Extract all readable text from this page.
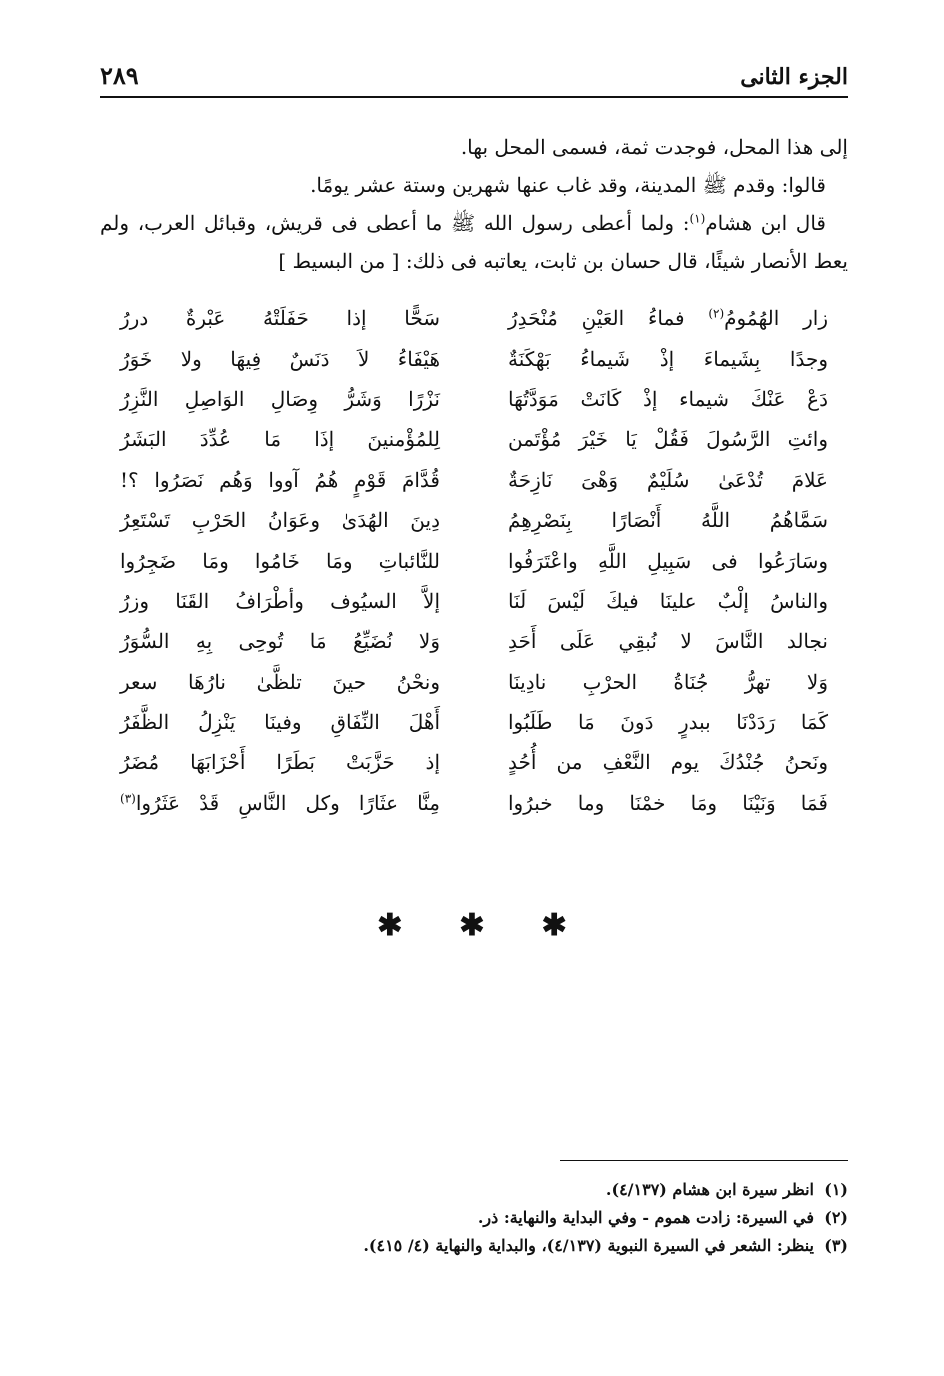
الجزء الثانى
٢٨٩

إلى هذا المحل، فوجدت ثمة، فسمى المحل بها.

قالوا: وقدم ﷺ المدينة، وقد غاب عنها شهرين وستة عشر يومًا.

قال ابن هشام$^{(١)}$: ولما أعطى رسول الله ﷺ ما أعطى فى قريش، وقبائل العرب، ولم يعط الأنصار شيئًا، قال حسان بن ثابت، يعاتبه فى ذلك: [ من البسيط ]

زار الهُمُومُ$^{(٢)}$ فماءُ العَيْنِ مُنْحَدِرُ
سَحًّا إذا حَفَلَتْهُ عَبْرةٌ دررُ
وجدًا بِشَيماءَ إذْ شَيماءُ بَهْكَنَةٌ
هَيْفَاءُ لاَ دَنَسٌ فِيهَا ولا خَوَرُ
دَعْ عَنْكَ شيماء إذْ كَانَتْ مَوَدَّتُهَا
نَزْرًا وَشَرُّ وِصَالِ الوَاصِلِ النَّزِرُ
وائتِ الرَّسُولَ فَقُلْ يَا خَيْرَ مُؤْتَمن
لِلمُؤْمنينَ إذَا مَا عُدِّدَ البَشَرُ
عَلامَ تُدْعَىٰ سُلَيْمٌ وَهْىَ نَازِحَةٌ
قُدَّامَ قَوْمٍ هُمُ آووا وَهُم نَصَرُوا ؟!
سَمَّاهُمُ اللَّهُ أَنْصَارًا بِنَصْرِهِمُ
دِينَ الهُدَىٰ وعَوَانُ الحَرْبِ تَسْتَعِرُ
وسَارَعُوا فى سَبِيلِ اللَّهِ واعْتَرَفُوا
للنَّائباتِ ومَا خَامُوا ومَا ضَجِرُوا
والناسُ إلْبٌ علينَا فيكَ لَيْسَ لَنَا
إلاَّ السيُوف وأطْرَافُ القَنَا وزرُ
نجالد النَّاسَ لا نُبقِي عَلَى أَحَدِ
وَلا نُضَيِّعُ مَا تُوحِى بِهِ السُّوَرُ
وَلا تهرُّ جُنَاةُ الحرْبِ نادِينَا
ونحْنُ حينَ تلظَّىٰ نارُهَا سعر
كَمَا رَدَدْنَا ببدرٍ دَونَ مَا طَلَبُوا
أَهْلَ النِّفَاقِ وفينَا يَنْزِلُ الظَّفَرُ
ونَحنُ جُنْدُكَ يوم النَّعْفِ من أُحُدٍ
إذ حَزَّبَتْ بَطَرًا أَحْزَابَهَا مُضَرُ
فَمَا وَنَيْنَا ومَا خمْنَا وما خبرُوا
مِنَّا عثَارًا وكل النَّاسِ قَدْ عَثَرُوا$^{(٣)}$
✱ ✱ ✱
(١)انظر سيرة ابن هشام (٤/١٣٧).
(٢)في السيرة: زادت هموم - وفي البداية والنهاية: ذر.
(٣)ينظر: الشعر في السيرة النبوية (٤/١٣٧)، والبداية والنهاية (٤/ ٤١٥).
